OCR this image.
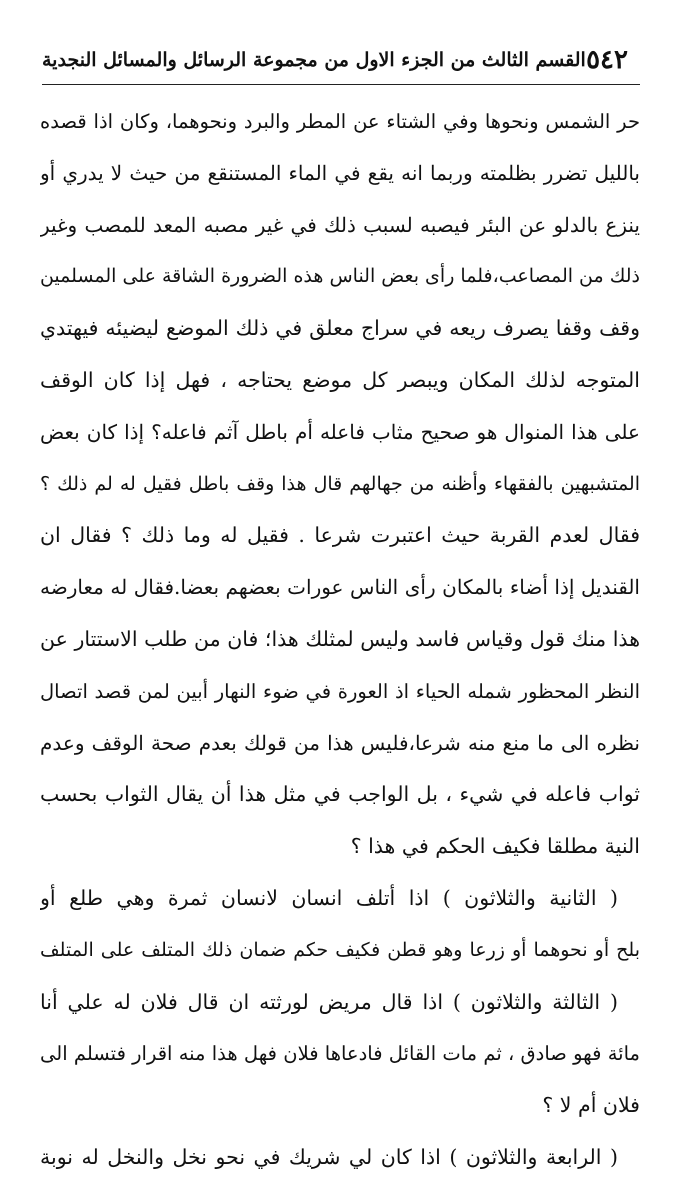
٥٤٢
القسم الثالث من الجزء الاول من مجموعة الرسائل والمسائل النجدية
حر الشمس ونحوها وفي الشتاء عن المطر والبرد ونحوهما، وكان اذا قصده
بالليل تضرر بظلمته وربما انه يقع في الماء المستنقع من حيث لا يدري أو
ينزع بالدلو عن البئر فيصبه لسبب ذلك في غير مصبه المعد للمصب وغير
ذلك من المصاعب،فلما رأى بعض الناس هذه الضرورة الشاقة على المسلمين
وقف وقفا يصرف ريعه في سراج معلق في ذلك الموضع ليضيئه فيهتدي
المتوجه لذلك المكان ويبصر كل موضع يحتاجه ، فهل إذا كان الوقف
على هذا المنوال هو صحيح مثاب فاعله أم باطل آثم فاعله؟ إذا كان بعض
المتشبهين بالفقهاء وأظنه من جهالهم قال هذا وقف باطل فقيل له لم ذلك ؟
فقال لعدم القربة حيث اعتبرت شرعا . فقيل له وما ذلك ؟ فقال ان
القنديل إذا أضاء بالمكان رأى الناس عورات بعضهم بعضا.فقال له معارضه
هذا منك قول وقياس فاسد وليس لمثلك هذا؛ فان من طلب الاستتار عن
النظر المحظور شمله الحياء اذ العورة في ضوء النهار أبين لمن قصد اتصال
نظره الى ما منع منه شرعا،فليس هذا من قولك بعدم صحة الوقف وعدم
ثواب فاعله في شيء ، بل الواجب في مثل هذا أن يقال الثواب بحسب
النية مطلقا فكيف الحكم في هذا ؟
( الثانية والثلاثون ) اذا أتلف انسان لانسان ثمرة وهي طلع أو
بلح أو نحوهما أو زرعا وهو قطن فكيف حكم ضمان ذلك المتلف على المتلف
( الثالثة والثلاثون ) اذا قال مريض لورثته ان قال فلان له علي أنا
مائة فهو صادق ، ثم مات القائل فادعاها فلان فهل هذا منه اقرار فتسلم الى
فلان أم لا ؟
( الرابعة والثلاثون ) اذا كان لي شريك في نحو نخل والنخل له نوبة
